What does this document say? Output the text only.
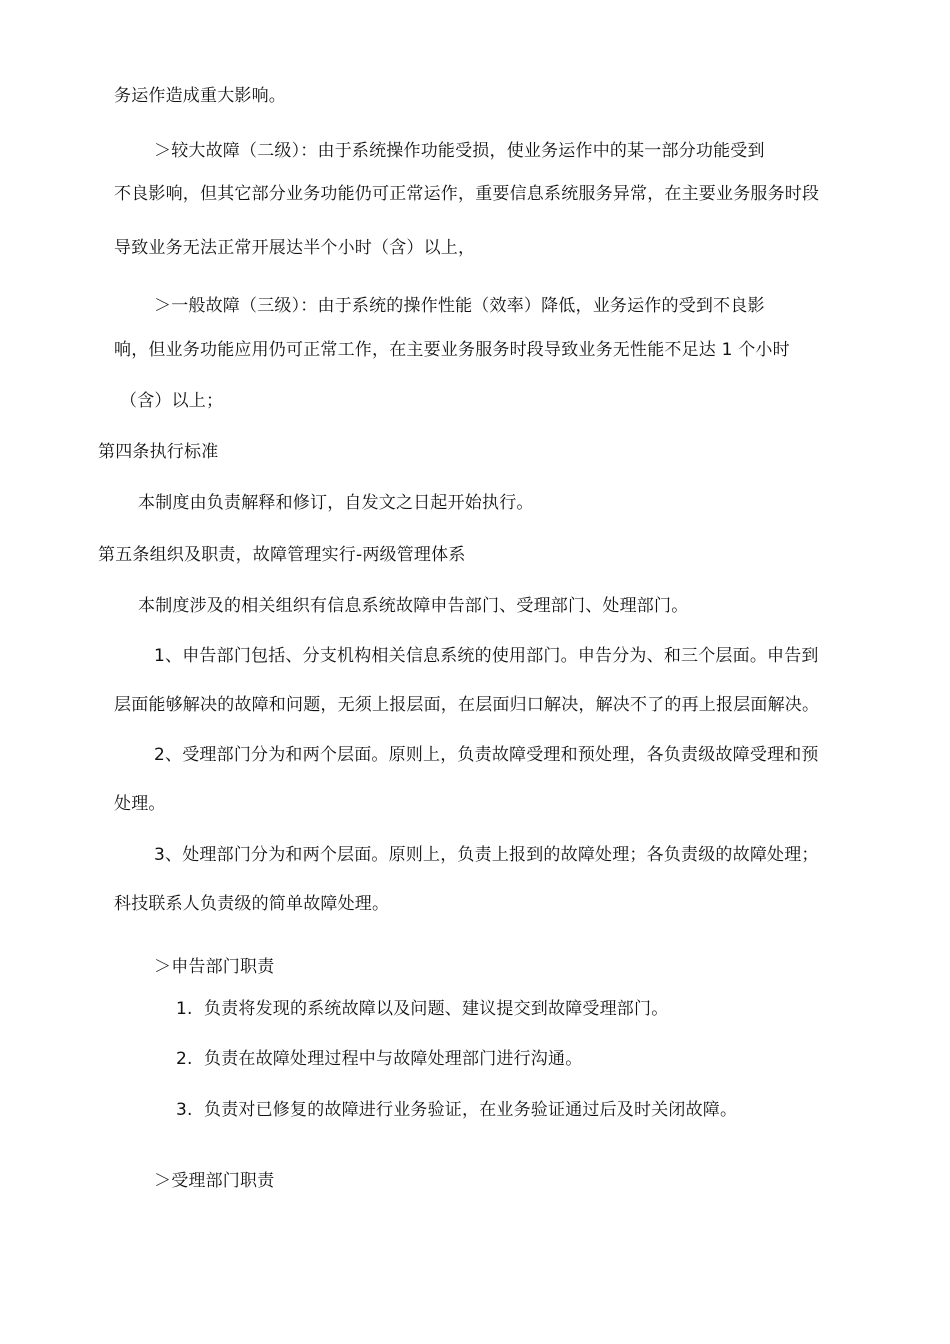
务运作造成重大影响。
＞较大故障（二级）：由于系统操作功能受损，使业务运作中的某一部分功能受到
不良影响，但其它部分业务功能仍可正常运作，重要信息系统服务异常，在主要业务服务时段
导致业务无法正常开展达半个小时（含）以上，
＞一般故障（三级）：由于系统的操作性能（效率）降低，业务运作的受到不良影
响，但业务功能应用仍可正常工作，在主要业务服务时段导致业务无性能不足达 1 个小时
（含）以上；
第四条执行标准
本制度由负责解释和修订，自发文之日起开始执行。
第五条组织及职责，故障管理实行-两级管理体系
本制度涉及的相关组织有信息系统故障申告部门、受理部门、处理部门。
1、申告部门包括、分支机构相关信息系统的使用部门。申告分为、和三个层面。申告到
层面能够解决的故障和问题，无须上报层面，在层面归口解决，解决不了的再上报层面解决。
2、受理部门分为和两个层面。原则上，负责故障受理和预处理，各负责级故障受理和预
处理。
3、处理部门分为和两个层面。原则上，负责上报到的故障处理；各负责级的故障处理；
科技联系人负责级的简单故障处理。
＞申告部门职责
1. 负责将发现的系统故障以及问题、建议提交到故障受理部门。
2. 负责在故障处理过程中与故障处理部门进行沟通。
3. 负责对已修复的故障进行业务验证，在业务验证通过后及时关闭故障。
＞受理部门职责
